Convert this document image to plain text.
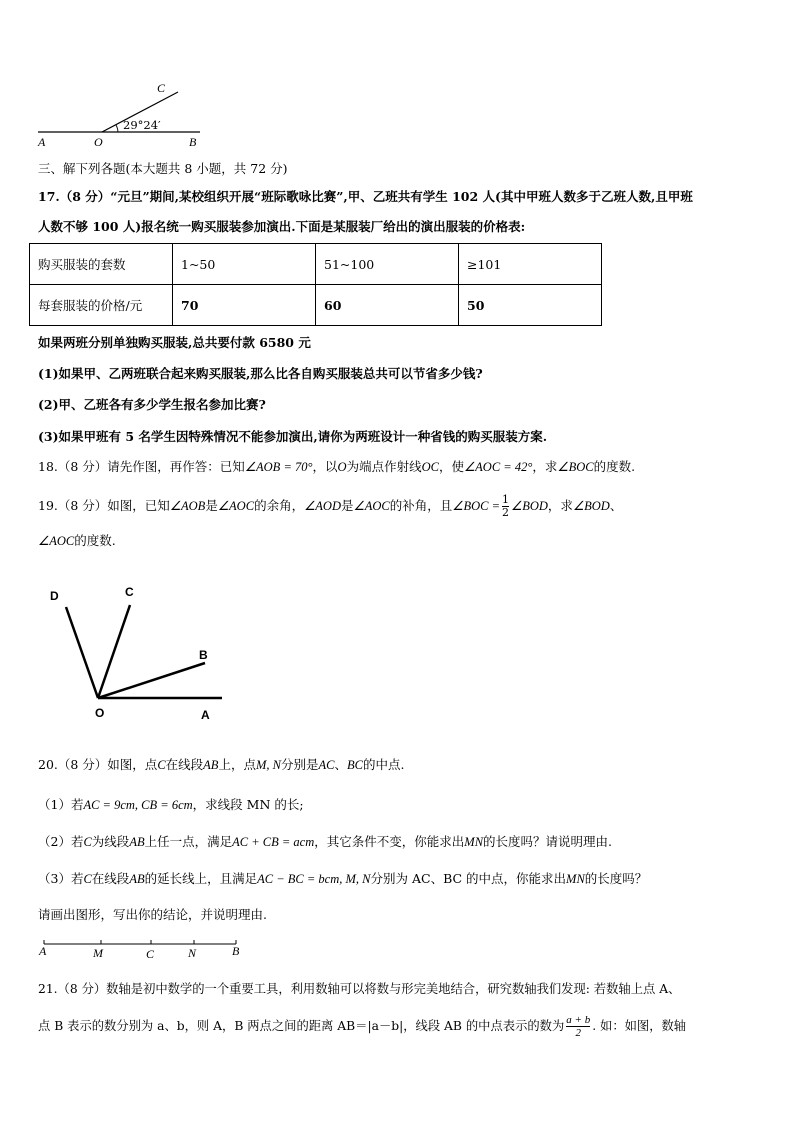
C
29°24′
A	O	B
三、解下列各题(本大题共 8 小题，共 72 分)
17.（8 分）“元旦”期间,某校组织开展“班际歌咏比赛”,甲、乙班共有学生 102 人(其中甲班人数多于乙班人数,且甲班
人数不够 100 人)报名统一购买服装参加演出.下面是某服装厂给出的演出服装的价格表:
购买服装的套数	1~50	51~100	≥101
每套服装的价格/元	70	60	50
如果两班分别单独购买服装,总共要付款 6580 元
(1)如果甲、乙两班联合起来购买服装,那么比各自购买服装总共可以节省多少钱?
(2)甲、乙班各有多少学生报名参加比赛?
(3)如果甲班有 5 名学生因特殊情况不能参加演出,请你为两班设计一种省钱的购买服装方案.
18.（8 分）请先作图，再作答：已知∠AOB = 70°，以O为端点作射线OC，使∠AOC = 42°，求∠BOC的度数.
19.（8 分）如图，已知∠AOB是∠AOC的余角，∠AOD是∠AOC的补角，且∠BOC = $\frac{1}{2}$ ∠BOD，求∠BOD、
∠AOC的度数.
D	C
B
O	A
20.（8 分）如图，点C在线段AB上，点M, N分别是AC、BC的中点.
（1）若AC = 9cm, CB = 6cm，求线段 MN 的长;
（2）若C为线段AB上任一点，满足AC + CB = acm，其它条件不变，你能求出MN的长度吗？请说明理由.
（3）若C在线段AB的延长线上，且满足AC − BC = bcm, M, N分别为 AC、BC 的中点，你能求出MN的长度吗？
请画出图形，写出你的结论，并说明理由.
A	M	C	N	B
21.（8 分）数轴是初中数学的一个重要工具，利用数轴可以将数与形完美地结合，研究数轴我们发现: 若数轴上点 A、
点 B 表示的数分别为 a、b，则 A，B 两点之间的距离 AB＝|a－b|，线段 AB 的中点表示的数为 $\frac{a + b}{2}$ . 如：如图，数轴
